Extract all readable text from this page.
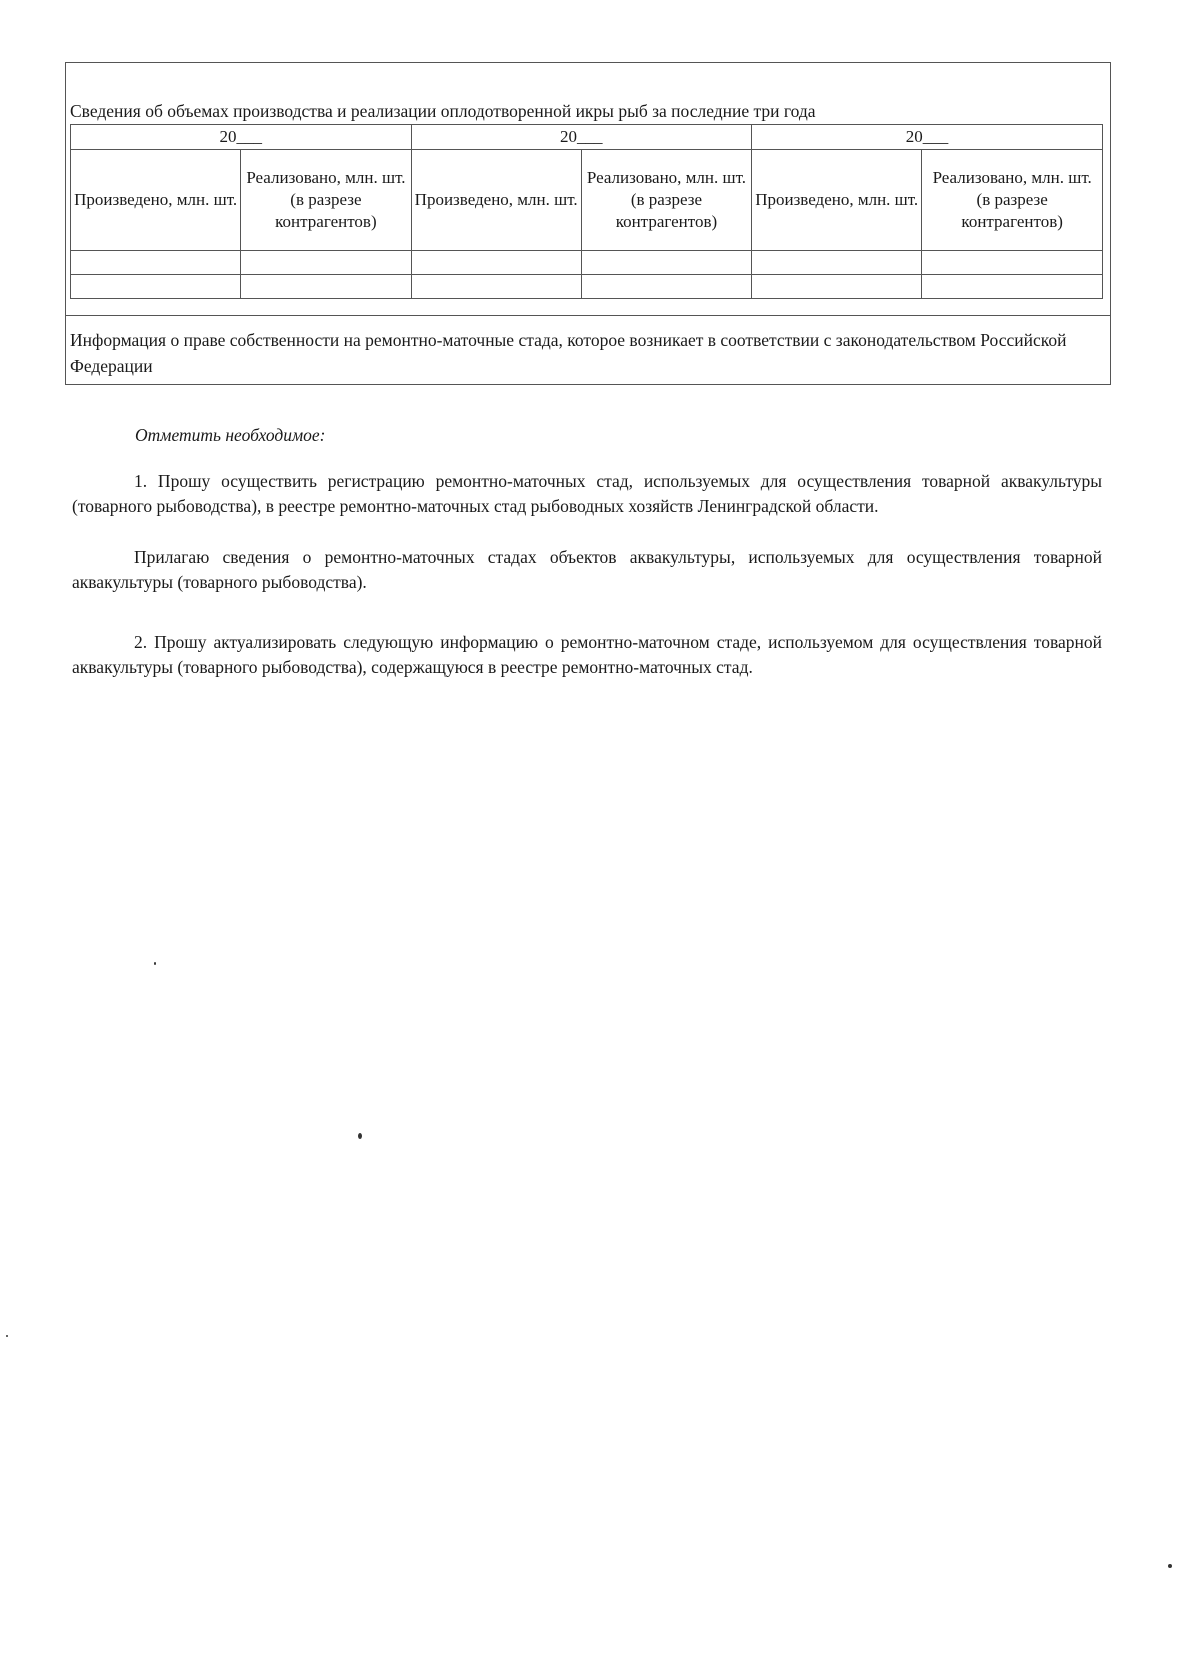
Сведения об объемах производства и реализации оплодотворенной икры рыб за последние три года
20___		20___		20___	
Произведено, млн. шт.	Реализовано, млн. шт. (в разрезе контрагентов)	Произведено, млн. шт.	Реализовано, млн. шт. (в разрезе контрагентов)	Произведено, млн. шт.	Реализовано, млн. шт. (в разрезе контрагентов)

Информация о праве собственности на ремонтно-маточные стада, которое возникает в соответствии с законодательством Российской Федерации
Отметить необходимое:
1. Прошу осуществить регистрацию ремонтно-маточных стад, используемых для осуществления товарной аквакультуры (товарного рыбоводства), в реестре ремонтно-маточных стад рыбоводных хозяйств Ленинградской области.
Прилагаю сведения о ремонтно-маточных стадах объектов аквакультуры, используемых для осуществления товарной аквакультуры (товарного рыбоводства).
2. Прошу актуализировать следующую информацию о ремонтно-маточном стаде, используемом для осуществления товарной аквакультуры (товарного рыбоводства), содержащуюся в реестре ремонтно-маточных стад.
